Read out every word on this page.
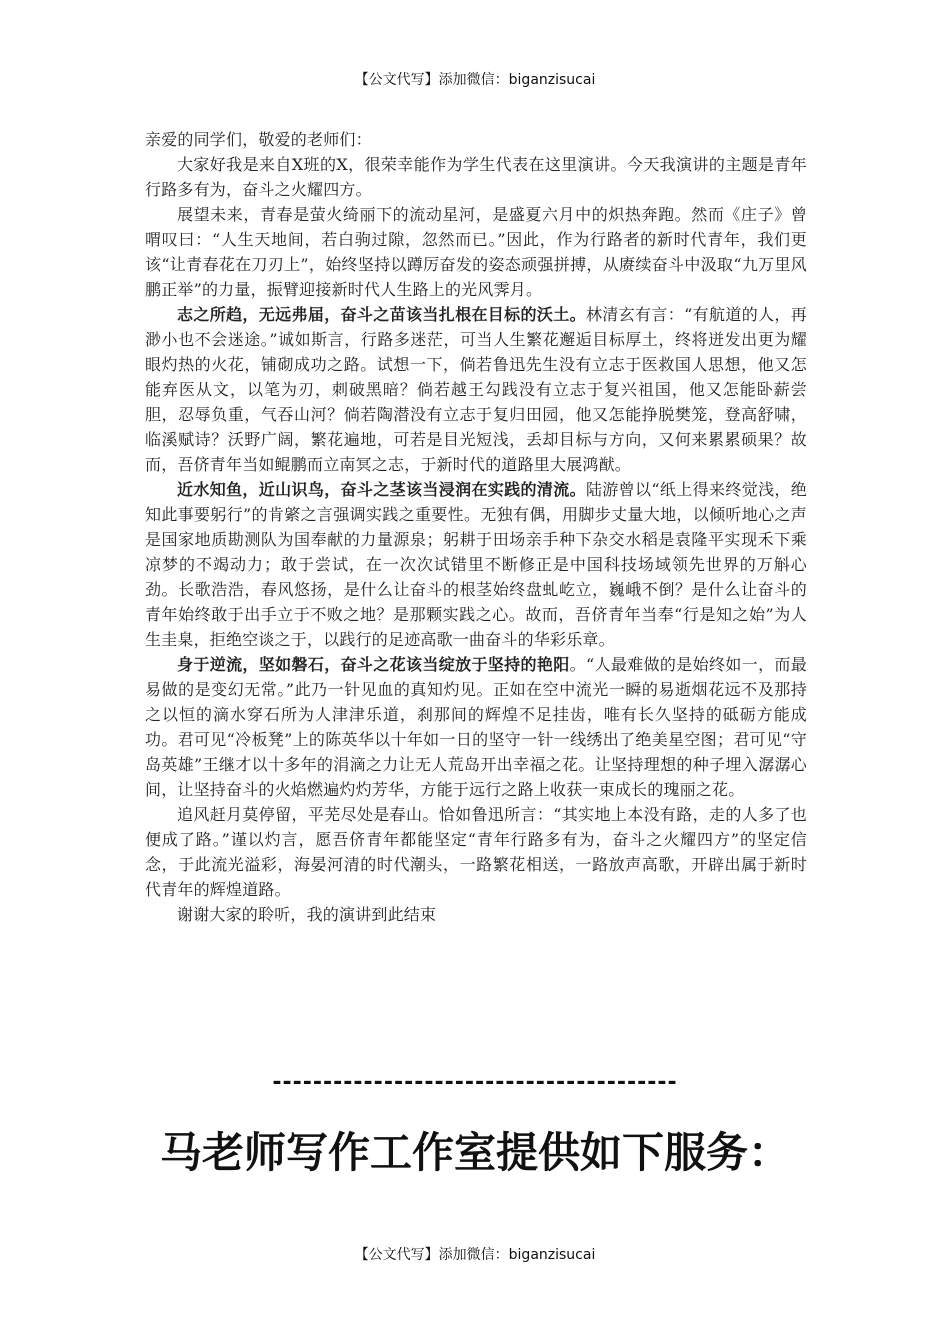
【公文代写】添加微信：biganzisucai

亲爱的同学们，敬爱的老师们：

大家好我是来自X班的X，很荣幸能作为学生代表在这里演讲。今天我演讲的主题是青年行路多有为，奋斗之火耀四方。

展望未来，青春是萤火绮丽下的流动星河，是盛夏六月中的炽热奔跑。然而《庄子》曾喟叹曰：“人生天地间，若白驹过隙，忽然而已。”因此，作为行路者的新时代青年，我们更该“让青春花在刀刃上”，始终坚持以蹲厉奋发的姿态顽强拼搏，从赓续奋斗中汲取“九万里风鹏正举”的力量，振臂迎接新时代人生路上的光风霁月。

志之所趋，无远弗届，奋斗之苗该当扎根在目标的沃土。林清玄有言：“有航道的人，再渺小也不会迷途。”诚如斯言，行路多迷茫，可当人生繁花邂逅目标厚土，终将迸发出更为耀眼灼热的火花，铺砌成功之路。试想一下，倘若鲁迅先生没有立志于医救国人思想，他又怎能弃医从文，以笔为刃，刺破黑暗？倘若越王勾践没有立志于复兴祖国，他又怎能卧薪尝胆，忍辱负重，气吞山河？倘若陶潜没有立志于复归田园，他又怎能挣脱樊笼，登高舒啸，临溪赋诗？沃野广阔，繁花遍地，可若是目光短浅，丢却目标与方向，又何来累累硕果？故而，吾侪青年当如鲲鹏而立南冥之志，于新时代的道路里大展鸿猷。

近水知鱼，近山识鸟，奋斗之茎该当浸润在实践的清流。陆游曾以“纸上得来终觉浅，绝知此事要躬行”的肯綮之言强调实践之重要性。无独有偶，用脚步丈量大地，以倾听地心之声是国家地质勘测队为国奉献的力量源泉；躬耕于田场亲手种下杂交水稻是袁隆平实现禾下乘凉梦的不竭动力；敢于尝试，在一次次试错里不断修正是中国科技场域领先世界的万斛心劲。长歌浩浩，春风悠扬，是什么让奋斗的根茎始终盘虬屹立，巍峨不倒？是什么让奋斗的青年始终敢于出手立于不败之地？是那颗实践之心。故而，吾侪青年当奉“行是知之始”为人生圭臬，拒绝空谈之于，以践行的足迹高歌一曲奋斗的华彩乐章。

身于逆流，坚如磐石，奋斗之花该当绽放于坚持的艳阳。“人最难做的是始终如一，而最易做的是变幻无常。”此乃一针见血的真知灼见。正如在空中流光一瞬的易逝烟花远不及那持之以恒的滴水穿石所为人津津乐道，刹那间的辉煌不足挂齿，唯有长久坚持的砥砺方能成功。君可见“冷板凳”上的陈英华以十年如一日的坚守一针一线绣出了绝美星空图；君可见“守岛英雄”王继才以十多年的涓滴之力让无人荒岛开出幸福之花。让坚持理想的种子埋入潺潺心间，让坚持奋斗的火焰燃遍灼灼芳华，方能于远行之路上收获一束成长的瑰丽之花。

追风赶月莫停留，平芜尽处是春山。恰如鲁迅所言：“其实地上本没有路，走的人多了也便成了路。”谨以灼言，愿吾侪青年都能坚定“青年行路多有为，奋斗之火耀四方”的坚定信念，于此流光溢彩，海晏河清的时代潮头，一路繁花相送，一路放声高歌，开辟出属于新时代青年的辉煌道路。

谢谢大家的聆听，我的演讲到此结束

----------------------------------------
马老师写作工作室提供如下服务：
【公文代写】添加微信：biganzisucai
